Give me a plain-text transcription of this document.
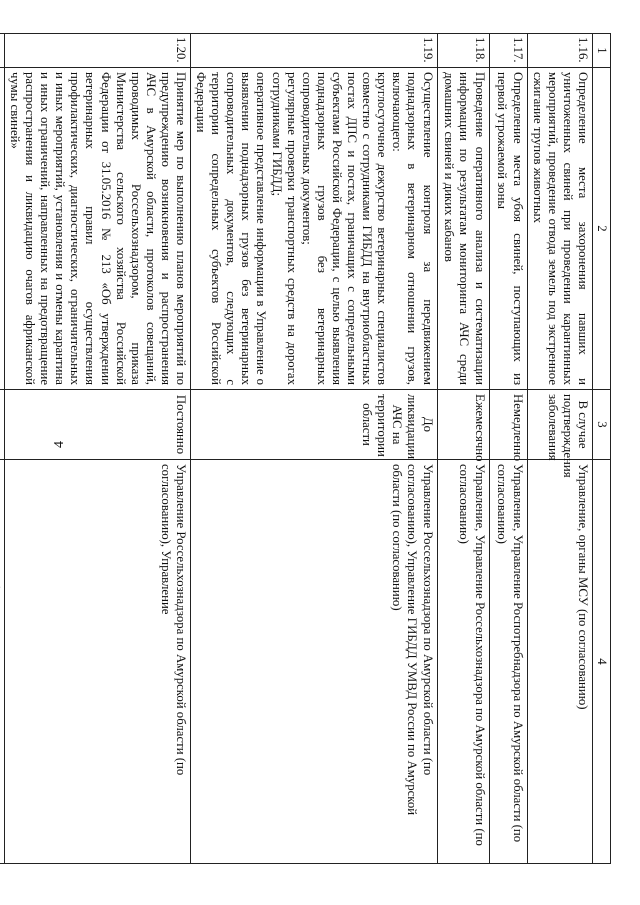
4
1	2	3	4
1.16.	Определение места захоронения павших и уничтоженных свиней при проведении карантинных мероприятий, проведение отвода земель под экстренное сжигание трупов животных	В случае подтверждения заболевания	Управление, органы МСУ (по согласованию)
1.17.	Определение места убоя свиней, поступающих из первой угрожаемой зоны	Немедленно	Управление, Управление Роспотребнадзора по Амурской области (по согласованию)
1.18.	Проведение оперативного анализа и систематизации информации по результатам мониторинга АЧС среди домашних свиней и диких кабанов	Ежемесячно	Управление, Управление Россельхознадзора по Амурской области (по согласованию)
1.19.	Осуществление контроля за передвижением поднадзорных в ветеринарном отношении грузов, включающего:
круглосуточное дежурство ветеринарных специалистов совместно с сотрудниками ГИБДД на внутриобластных постах ДПС и постах, граничащих с сопредельными субъектами Российской Федерации, с целью выявления поднадзорных грузов без ветеринарных сопроводительных документов;
регулярные проверки транспортных средств на дорогах сотрудниками ГИБДД;
оперативное представление информации в Управление о выявлении поднадзорных грузов без ветеринарных сопроводительных документов, следующих с территории сопредельных субъектов Российской Федерации	До ликвидации АЧС на территории области	Управление Россельхознадзора по Амурской области (по согласованию), Управление ГИБДД УМВД России по Амурской области (по согласованию)
1.20.	Принятие мер по выполнению планов мероприятий по предупреждению возникновения и распространения АЧС в Амурской области, протоколов совещаний, проводимых Россельхознадзором, приказа Министерства сельского хозяйства Российской Федерации от 31.05.2016 № 213 «Об утверждении ветеринарных правил осуществления профилактических, диагностических, ограничительных и иных мероприятий, установления и отмены карантина и иных ограничений, направленных на предотвращение распространения и ликвидацию очагов африканской чумы свиней»	Постоянно	Управление Россельхознадзора по Амурской области (по согласованию), Управление
